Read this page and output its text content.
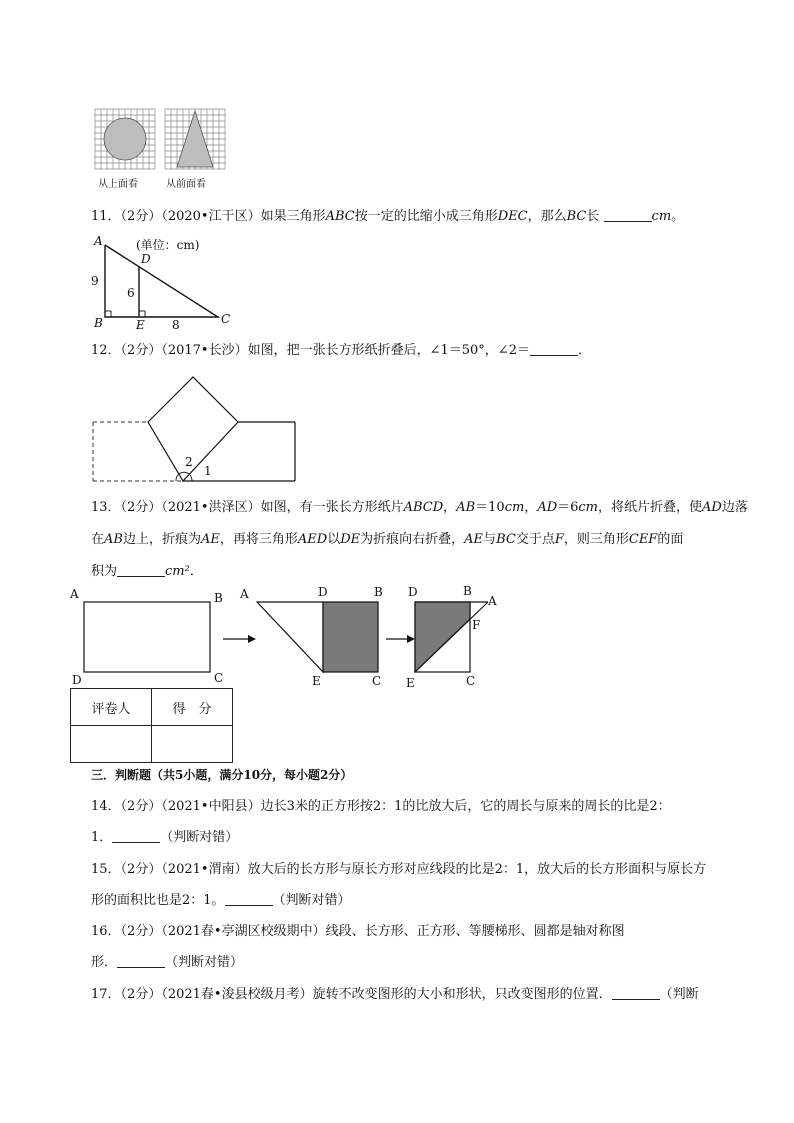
从上面看	从前面看
11．（2分）（2020•江干区）如果三角形ABC按一定的比缩小成三角形DEC，那么BC长	cm。
A
D
B	E	C
9
6
8
(单位：cm)
12．（2分）（2017•长沙）如图，把一张长方形纸折叠后，∠1＝50°，∠2＝	．
2
1
13．（2分）（2021•洪泽区）如图，有一张长方形纸片ABCD，AB＝10cm，AD＝6cm，将纸片折叠，使AD边落
在AB边上，折痕为AE，再将三角形AED以DE为折痕向右折叠，AE与BC交于点F，则三角形CEF的面
积为	cm²．
A	B
D	C
A	D	B
E	C
D	B
A
F
E	C
评卷人	得　分

三．判断题（共5小题，满分10分，每小题2分）
14．（2分）（2021•中阳县）边长3米的正方形按2：1的比放大后，它的周长与原来的周长的比是2：
1．	（判断对错）
15．（2分）（2021•渭南）放大后的长方形与原长方形对应线段的比是2：1，放大后的长方形面积与原长方
形的面积比也是2：1。	（判断对错）
16．（2分）（2021春•亭湖区校级期中）线段、长方形、正方形、等腰梯形、圆都是轴对称图
形．	（判断对错）
17．（2分）（2021春•浚县校级月考）旋转不改变图形的大小和形状，只改变图形的位置．	（判断
